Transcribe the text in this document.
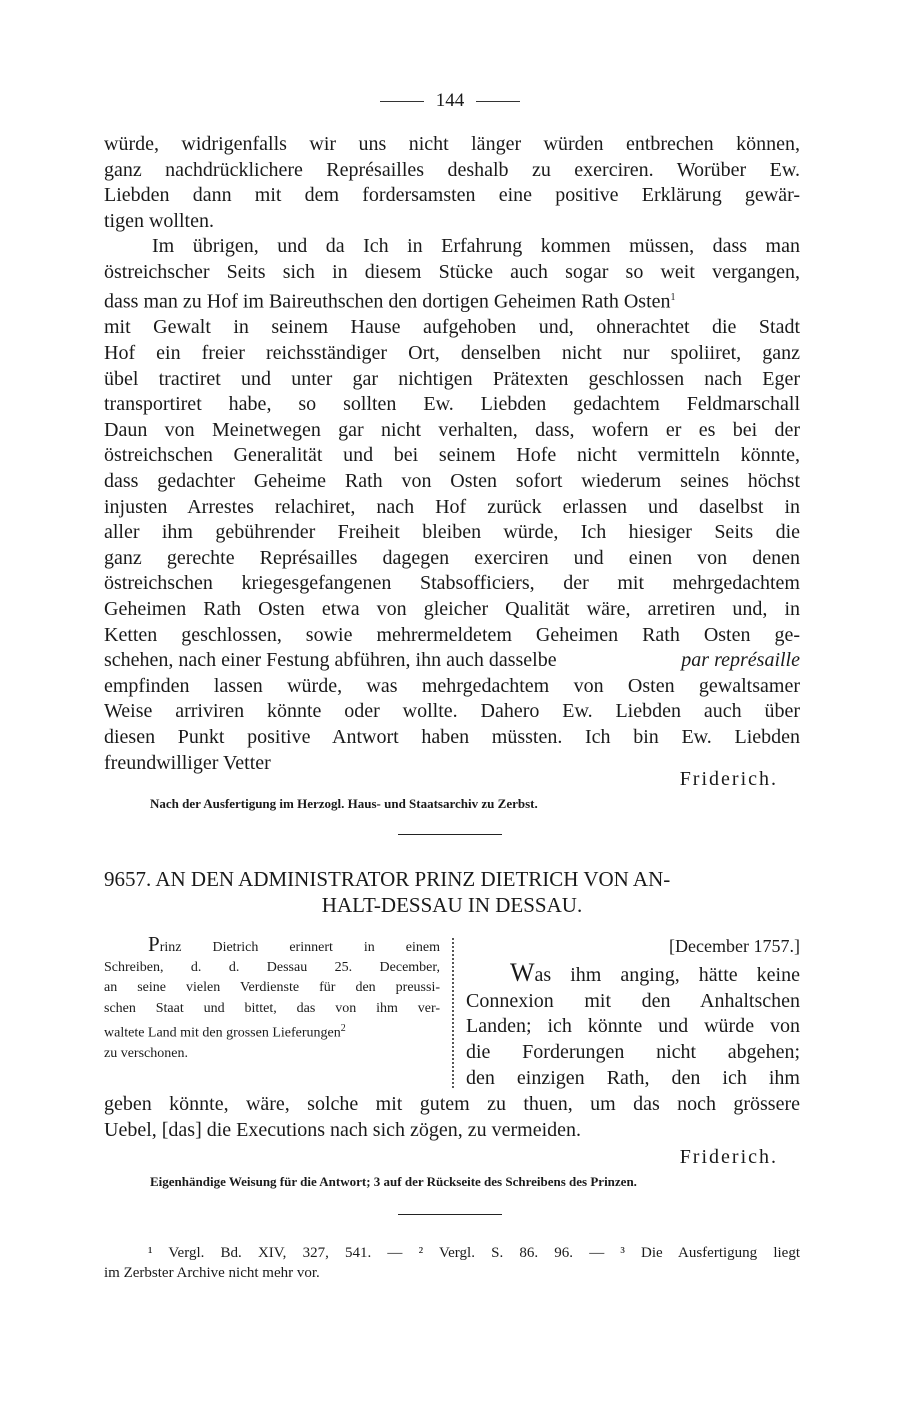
144
würde, widrigenfalls wir uns nicht länger würden entbrechen können,
ganz nachdrücklichere Représailles deshalb zu exerciren. Worüber Ew.
Liebden dann mit dem fordersamsten eine positive Erklärung gewär-
tigen wollten.
Im übrigen, und da Ich in Erfahrung kommen müssen, dass man
östreichscher Seits sich in diesem Stücke auch sogar so weit vergangen,
dass man zu Hof im Baireuthschen den dortigen Geheimen Rath Osten$^1$
mit Gewalt in seinem Hause aufgehoben und, ohnerachtet die Stadt
Hof ein freier reichsständiger Ort, denselben nicht nur spoliiret, ganz
übel tractiret und unter gar nichtigen Prätexten geschlossen nach Eger
transportiret habe, so sollten Ew. Liebden gedachtem Feldmarschall
Daun von Meinetwegen gar nicht verhalten, dass, wofern er es bei der
östreichschen Generalität und bei seinem Hofe nicht vermitteln könnte,
dass gedachter Geheime Rath von Osten sofort wiederum seines höchst
injusten Arrestes relachiret, nach Hof zurück erlassen und daselbst in
aller ihm gebührender Freiheit bleiben würde, Ich hiesiger Seits die
ganz gerechte Représailles dagegen exerciren und einen von denen
östreichschen kriegesgefangenen Stabsofficiers, der mit mehrgedachtem
Geheimen Rath Osten etwa von gleicher Qualität wäre, arretiren und, in
Ketten geschlossen, sowie mehrermeldetem Geheimen Rath Osten ge-
schehen, nach einer Festung abführen, ihn auch dasselbe	par représaille
empfinden lassen würde, was mehrgedachtem von Osten gewaltsamer
Weise arriviren könnte oder wollte. Dahero Ew. Liebden auch über
diesen Punkt positive Antwort haben müssten. Ich bin Ew. Liebden
freundwilliger Vetter
Friderich.
Nach der Ausfertigung im Herzogl. Haus- und Staatsarchiv zu Zerbst.
9657. AN DEN ADMINISTRATOR PRINZ DIETRICH VON AN-
HALT-DESSAU IN DESSAU.
Prinz Dietrich erinnert in einem
Schreiben, d. d. Dessau 25. December,
an seine vielen Verdienste für den preussi-
schen Staat und bittet, das von ihm ver-
waltete Land mit den grossen Lieferungen$^2$
zu verschonen.
[December 1757.]
Was ihm anging, hätte keine
Connexion mit den Anhaltschen
Landen; ich könnte und würde von
die Forderungen nicht abgehen;
den einzigen Rath, den ich ihm
geben könnte, wäre, solche mit gutem zu thuen, um das noch grössere
Uebel, [das] die Executions nach sich zögen, zu vermeiden.
Friderich.
Eigenhändige Weisung für die Antwort; 3 auf der Rückseite des Schreibens des Prinzen.
¹ Vergl. Bd. XIV, 327, 541. — ² Vergl. S. 86. 96. — ³ Die Ausfertigung liegt
im Zerbster Archive nicht mehr vor.
